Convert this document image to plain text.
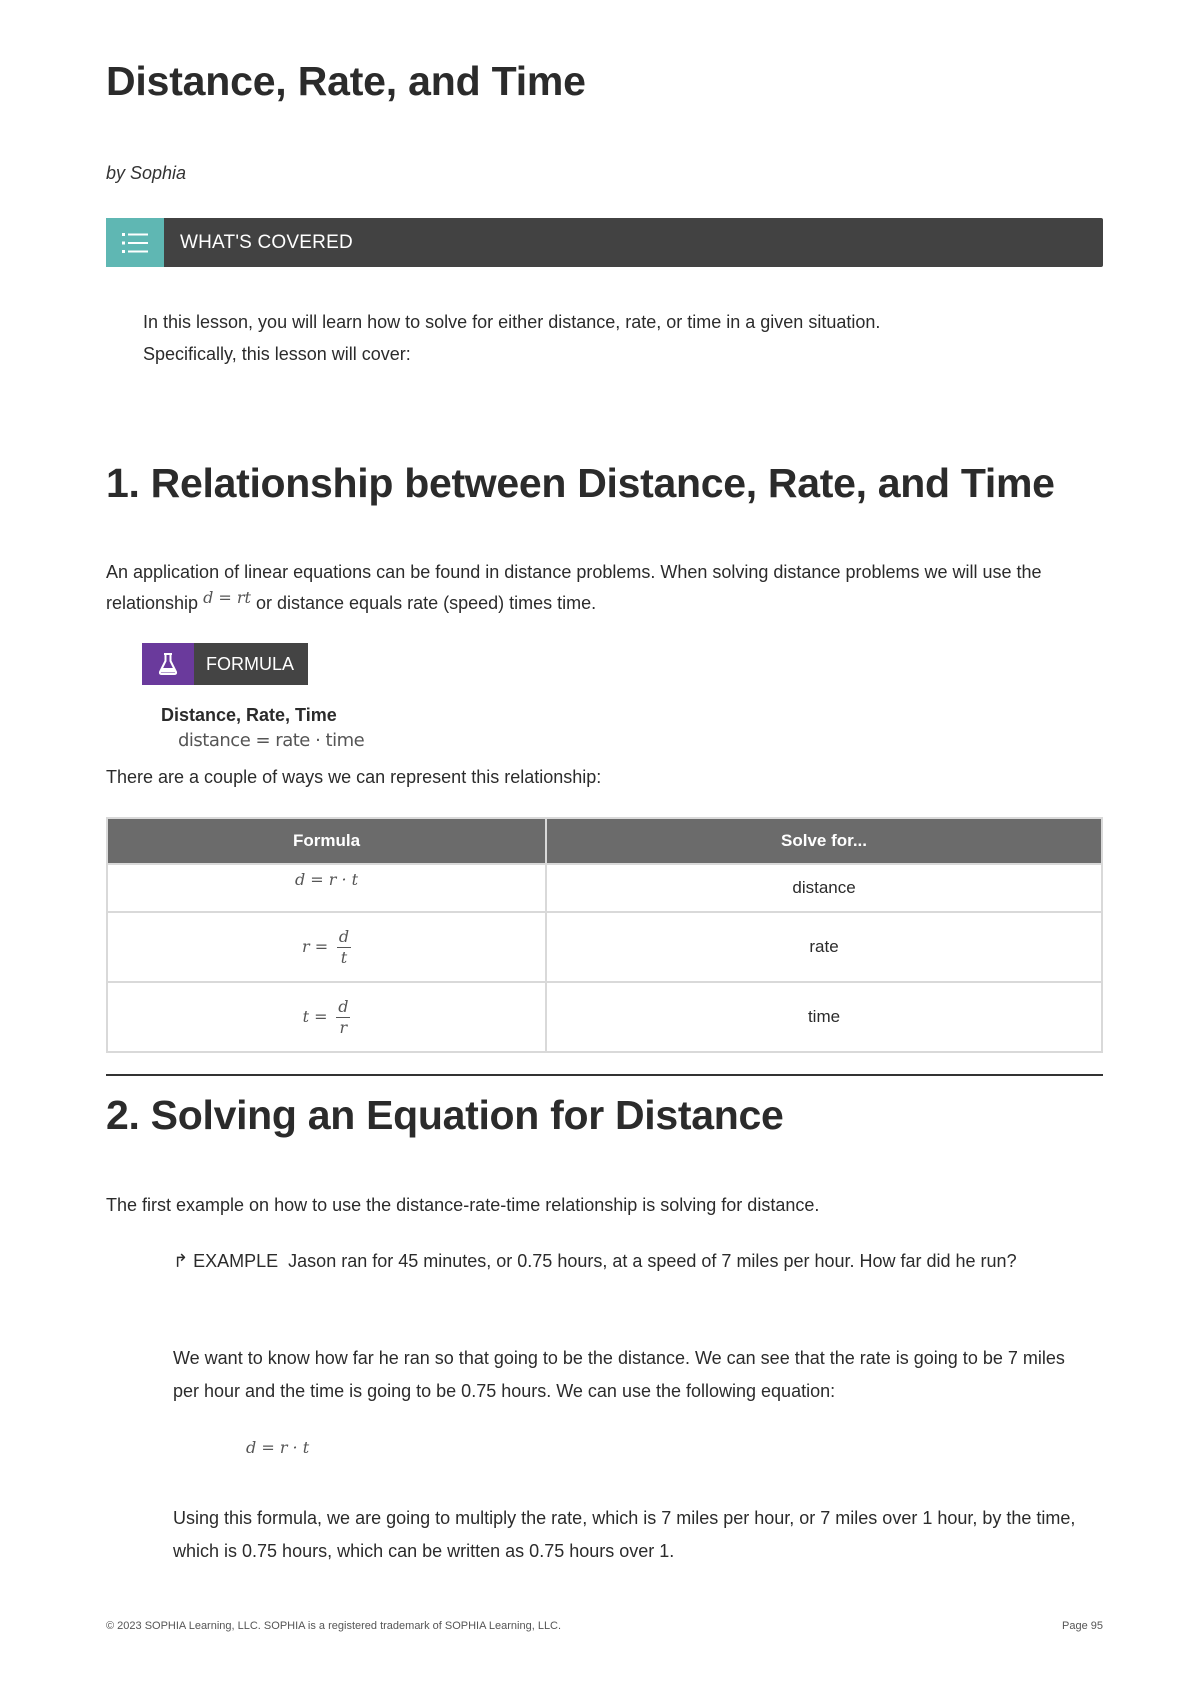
Distance, Rate, and Time
by Sophia
WHAT'S COVERED

In this lesson, you will learn how to solve for either distance, rate, or time in a given situation.

Specifically, this lesson will cover:

1. Relationship between Distance, Rate, and Time

An application of linear equations can be found in distance problems. When solving distance problems we will use the relationship d = rt or distance equals rate (speed) times time.

FORMULA
Distance, Rate, Time
distance = rate · time

There are a couple of ways we can represent this relationship:

Formula	Solve for...
d = r · t	distance
$r = \frac{d}{t}$	rate
$t = \frac{d}{r}$	time
2. Solving an Equation for Distance

The first example on how to use the distance-rate-time relationship is solving for distance.

↱ EXAMPLE Jason ran for 45 minutes, or 0.75 hours, at a speed of 7 miles per hour. How far did he run?

We want to know how far he ran so that going to be the distance. We can see that the rate is going to be 7 miles per hour and the time is going to be 0.75 hours. We can use the following equation:

d = r · t

Using this formula, we are going to multiply the rate, which is 7 miles per hour, or 7 miles over 1 hour, by the time, which is 0.75 hours, which can be written as 0.75 hours over 1.

© 2023 SOPHIA Learning, LLC. SOPHIA is a registered trademark of SOPHIA Learning, LLC.	Page 95
